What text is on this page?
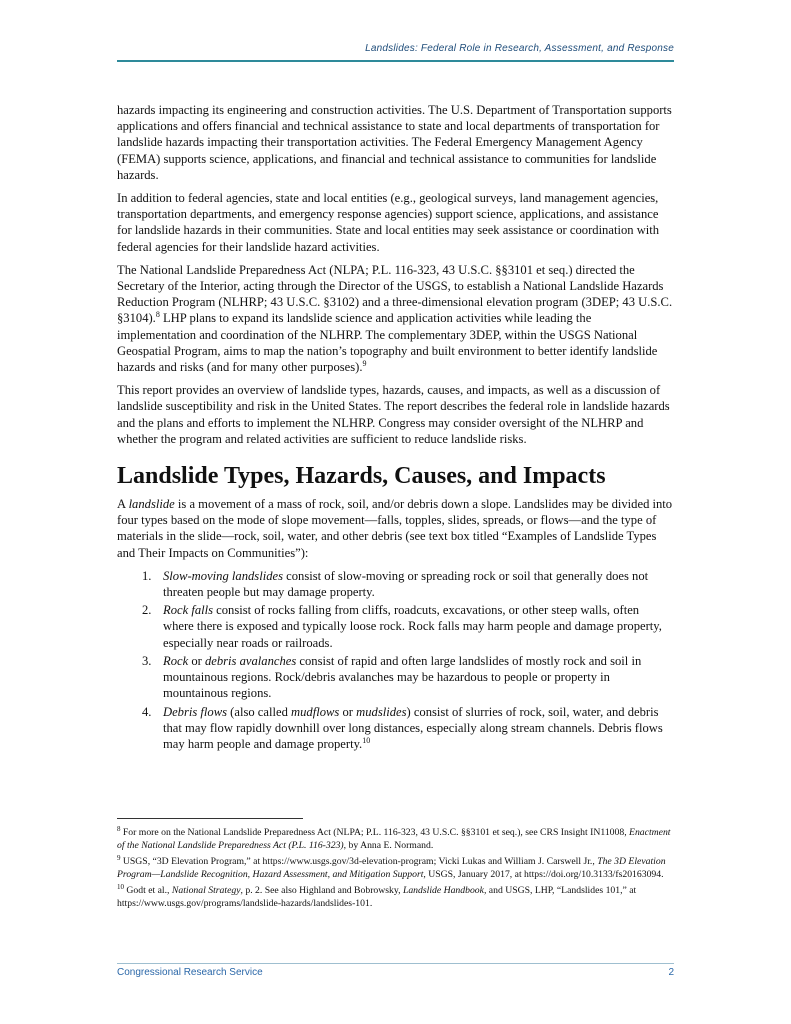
Landslides: Federal Role in Research, Assessment, and Response

hazards impacting its engineering and construction activities. The U.S. Department of Transportation supports applications and offers financial and technical assistance to state and local departments of transportation for landslide hazards impacting their transportation activities. The Federal Emergency Management Agency (FEMA) supports science, applications, and financial and technical assistance to communities for landslide hazards.

In addition to federal agencies, state and local entities (e.g., geological surveys, land management agencies, transportation departments, and emergency response agencies) support science, applications, and assistance for landslide hazards in their communities. State and local entities may seek assistance or coordination with federal agencies for their landslide hazard activities.

The National Landslide Preparedness Act (NLPA; P.L. 116-323, 43 U.S.C. §§3101 et seq.) directed the Secretary of the Interior, acting through the Director of the USGS, to establish a National Landslide Hazards Reduction Program (NLHRP; 43 U.S.C. §3102) and a three-dimensional elevation program (3DEP; 43 U.S.C. §3104).$^8$ LHP plans to expand its landslide science and application activities while leading the implementation and coordination of the NLHRP. The complementary 3DEP, within the USGS National Geospatial Program, aims to map the nation’s topography and built environment to better identify landslide hazards and risks (and for many other purposes).$^9$

This report provides an overview of landslide types, hazards, causes, and impacts, as well as a discussion of landslide susceptibility and risk in the United States. The report describes the federal role in landslide hazards and the plans and efforts to implement the NLHRP. Congress may consider oversight of the NLHRP and whether the program and related activities are sufficient to reduce landslide risks.

Landslide Types, Hazards, Causes, and Impacts

A landslide is a movement of a mass of rock, soil, and/or debris down a slope. Landslides may be divided into four types based on the mode of slope movement—falls, topples, slides, spreads, or flows—and the type of materials in the slide—rock, soil, water, and other debris (see text box titled “Examples of Landslide Types and Their Impacts on Communities”):

1. Slow-moving landslides consist of slow-moving or spreading rock or soil that generally does not threaten people but may damage property.
2. Rock falls consist of rocks falling from cliffs, roadcuts, excavations, or other steep walls, often where there is exposed and typically loose rock. Rock falls may harm people and damage property, especially near roads or railroads.
3. Rock or debris avalanches consist of rapid and often large landslides of mostly rock and soil in mountainous regions. Rock/debris avalanches may be hazardous to people or property in mountainous regions.
4. Debris flows (also called mudflows or mudslides) consist of slurries of rock, soil, water, and debris that may flow rapidly downhill over long distances, especially along stream channels. Debris flows may harm people and damage property.$^{10}$

$^8$ For more on the National Landslide Preparedness Act (NLPA; P.L. 116-323, 43 U.S.C. §§3101 et seq.), see CRS Insight IN11008, Enactment of the National Landslide Preparedness Act (P.L. 116-323), by Anna E. Normand.

$^9$ USGS, “3D Elevation Program,” at https://www.usgs.gov/3d-elevation-program; Vicki Lukas and William J. Carswell Jr., The 3D Elevation Program—Landslide Recognition, Hazard Assessment, and Mitigation Support, USGS, January 2017, at https://doi.org/10.3133/fs20163094.

$^{10}$ Godt et al., National Strategy, p. 2. See also Highland and Bobrowsky, Landslide Handbook, and USGS, LHP, “Landslides 101,” at https://www.usgs.gov/programs/landslide-hazards/landslides-101.

Congressional Research Service	2
